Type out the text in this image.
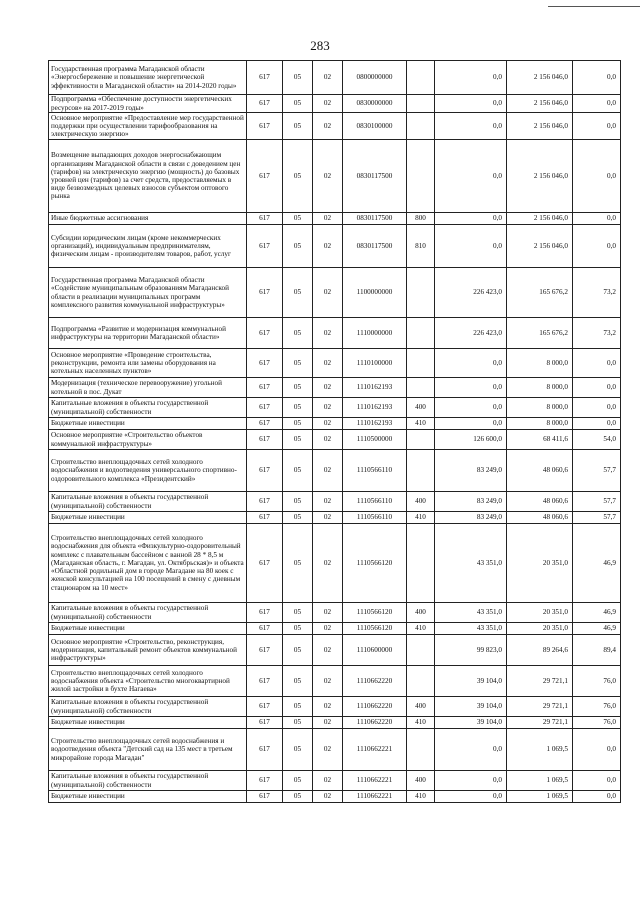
283
Государственная программа Магаданской области «Энергосбережение и повышение энергетической эффективности в Магаданской области» на 2014-2020 годы»	617	05	02	0800000000		0,0	2 156 046,0	0,0
Подпрограмма «Обеспечение доступности энергетических ресурсов» на 2017-2019 годы»	617	05	02	0830000000		0,0	2 156 046,0	0,0
Основное мероприятие «Предоставление мер государственной поддержки при осуществлении тарифообразования на электрическую энергию»	617	05	02	0830100000		0,0	2 156 046,0	0,0
Возмещение выпадающих доходов энергоснабжающим организациям Магаданской области в связи с доведением цен (тарифов) на электрическую энергию (мощность) до базовых уровней цен (тарифов) за счет средств, предоставляемых в виде безвозмездных целевых взносов субъектом оптового рынка	617	05	02	0830117500		0,0	2 156 046,0	0,0
Иные бюджетные ассигнования	617	05	02	0830117500	800	0,0	2 156 046,0	0,0
Субсидии юридическим лицам (кроме некоммерческих организаций), индивидуальным предпринимателям, физическим лицам - производителям товаров, работ, услуг	617	05	02	0830117500	810	0,0	2 156 046,0	0,0
Государственная программа Магаданской области «Содействие муниципальным образованиям Магаданской области в реализации муниципальных программ комплексного развития коммунальной инфраструктуры»	617	05	02	1100000000		226 423,0	165 676,2	73,2
Подпрограмма «Развитие и модернизация коммунальной инфраструктуры на территории Магаданской области»	617	05	02	1110000000		226 423,0	165 676,2	73,2
Основное мероприятие «Проведение строительства, реконструкции, ремонта или замены оборудования на котельных населенных пунктов»	617	05	02	1110100000		0,0	8 000,0	0,0
Модернизация (техническое перевооружение) угольной котельной в пос. Дукат	617	05	02	1110162193		0,0	8 000,0	0,0
Капитальные вложения в объекты государственной (муниципальной) собственности	617	05	02	1110162193	400	0,0	8 000,0	0,0
Бюджетные инвестиции	617	05	02	1110162193	410	0,0	8 000,0	0,0
Основное мероприятие «Строительство объектов коммунальной инфраструктуры»	617	05	02	1110500000		126 600,0	68 411,6	54,0
Строительство внеплощадочных сетей холодного водоснабжения и водоотведения универсального спортивно-оздоровительного комплекса «Президентский»	617	05	02	1110566110		83 249,0	48 060,6	57,7
Капитальные вложения в объекты государственной (муниципальной) собственности	617	05	02	1110566110	400	83 249,0	48 060,6	57,7
Бюджетные инвестиции	617	05	02	1110566110	410	83 249,0	48 060,6	57,7
Строительство внеплощадочных сетей холодного водоснабжения для объекта «Физкультурно-оздоровительный комплекс с плавательным бассейном с ванной 28 * 8,5 м (Магаданская область, г. Магадан, ул. Октябрьская)» и объекта «Областной родильный дом в городе Магадане на 80 коек с женской консультацией на 100 посещений в смену с дневным стационаром на 10 мест»	617	05	02	1110566120		43 351,0	20 351,0	46,9
Капитальные вложения в объекты государственной (муниципальной) собственности	617	05	02	1110566120	400	43 351,0	20 351,0	46,9
Бюджетные инвестиции	617	05	02	1110566120	410	43 351,0	20 351,0	46,9
Основное мероприятие «Строительство, реконструкция, модернизация, капитальный ремонт объектов коммунальной инфраструктуры»	617	05	02	1110600000		99 823,0	89 264,6	89,4
Строительство внеплощадочных сетей холодного водоснабжения объекта «Строительство многоквартирной жилой застройки в бухте Нагаева»	617	05	02	1110662220		39 104,0	29 721,1	76,0
Капитальные вложения в объекты государственной (муниципальной) собственности	617	05	02	1110662220	400	39 104,0	29 721,1	76,0
Бюджетные инвестиции	617	05	02	1110662220	410	39 104,0	29 721,1	76,0
Строительство внеплощадочных сетей водоснабжения и водоотведения объекта "Детский сад на 135 мест в третьем микрорайоне города Магадан"	617	05	02	1110662221		0,0	1 069,5	0,0
Капитальные вложения в объекты государственной (муниципальной) собственности	617	05	02	1110662221	400	0,0	1 069,5	0,0
Бюджетные инвестиции	617	05	02	1110662221	410	0,0	1 069,5	0,0
